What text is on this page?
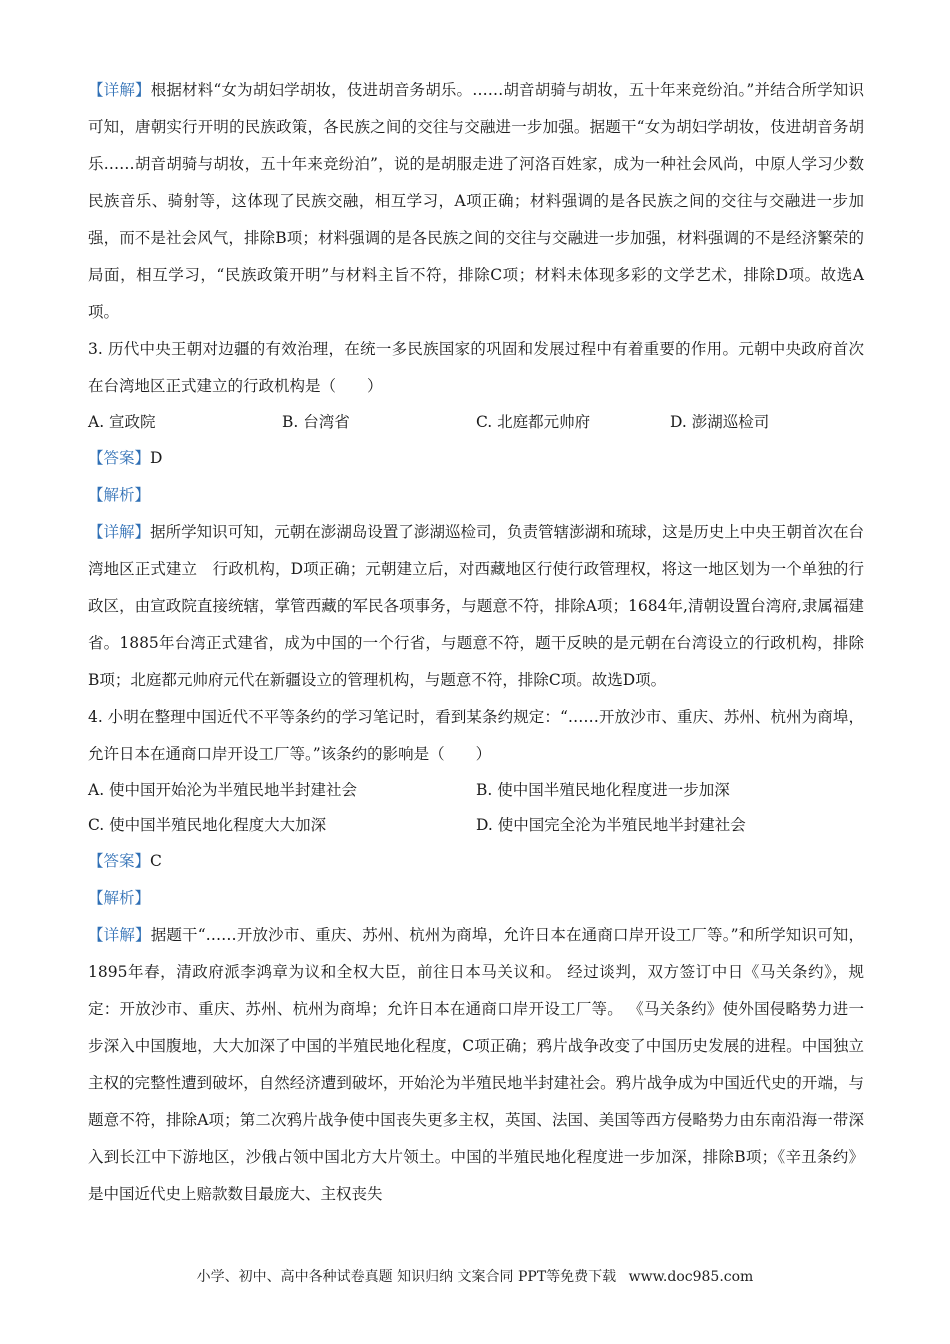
【详解】根据材料“女为胡妇学胡妆，伎进胡音务胡乐。……胡音胡骑与胡妆，五十年来竞纷泊。”并结合所学知识可知，唐朝实行开明的民族政策，各民族之间的交往与交融进一步加强。据题干“女为胡妇学胡妆，伎进胡音务胡乐……胡音胡骑与胡妆，五十年来竞纷泊”，说的是胡服走进了河洛百姓家，成为一种社会风尚，中原人学习少数民族音乐、骑射等，这体现了民族交融，相互学习，A项正确；材料强调的是各民族之间的交往与交融进一步加强，而不是社会风气，排除B项；材料强调的是各民族之间的交往与交融进一步加强，材料强调的不是经济繁荣的局面，相互学习，“民族政策开明”与材料主旨不符，排除C项；材料未体现多彩的文学艺术，排除D项。故选A项。

3. 历代中央王朝对边疆的有效治理，在统一多民族国家的巩固和发展过程中有着重要的作用。元朝中央政府首次在台湾地区正式建立的行政机构是（　　）

A. 宣政院	B. 台湾省	C. 北庭都元帅府	D. 澎湖巡检司

【答案】D

【解析】

【详解】据所学知识可知，元朝在澎湖岛设置了澎湖巡检司，负责管辖澎湖和琉球，这是历史上中央王朝首次在台湾地区正式建立　行政机构，D项正确；元朝建立后，对西藏地区行使行政管理权，将这一地区划为一个单独的行政区，由宣政院直接统辖，掌管西藏的军民各项事务，与题意不符，排除A项；1684年,清朝设置台湾府,隶属福建省。1885年台湾正式建省，成为中国的一个行省，与题意不符，题干反映的是元朝在台湾设立的行政机构，排除B项；北庭都元帅府元代在新疆设立的管理机构，与题意不符，排除C项。故选D项。

4. 小明在整理中国近代不平等条约的学习笔记时，看到某条约规定：“……开放沙市、重庆、苏州、杭州为商埠，允许日本在通商口岸开设工厂等。”该条约的影响是（　　）

A. 使中国开始沦为半殖民地半封建社会	B. 使中国半殖民地化程度进一步加深
C. 使中国半殖民地化程度大大加深	D. 使中国完全沦为半殖民地半封建社会

【答案】C

【解析】

【详解】据题干“……开放沙市、重庆、苏州、杭州为商埠，允许日本在通商口岸开设工厂等。”和所学知识可知，1895年春，清政府派李鸿章为议和全权大臣，前往日本马关议和。 经过谈判，双方签订中日《马关条约》，规定：开放沙市、重庆、苏州、杭州为商埠；允许日本在通商口岸开设工厂等。 《马关条约》使外国侵略势力进一步深入中国腹地，大大加深了中国的半殖民地化程度，C项正确；鸦片战争改变了中国历史发展的进程。中国独立主权的完整性遭到破坏，自然经济遭到破坏，开始沦为半殖民地半封建社会。鸦片战争成为中国近代史的开端，与题意不符，排除A项；第二次鸦片战争使中国丧失更多主权，英国、法国、美国等西方侵略势力由东南沿海一带深入到长江中下游地区，沙俄占领中国北方大片领土。中国的半殖民地化程度进一步加深，排除B项；《辛丑条约》是中国近代史上赔款数目最庞大、主权丧失

小学、初中、高中各种试卷真题 知识归纳 文案合同 PPT等免费下载 www.doc985.com
